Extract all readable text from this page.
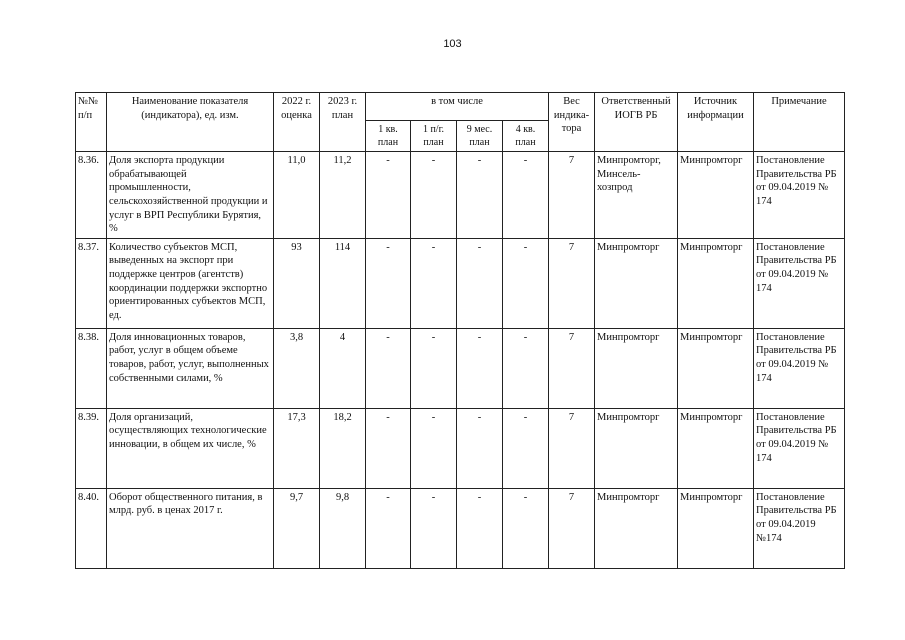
103
№№ п/п	Наименование показателя (индикатора), ед. изм.	2022 г. оценка	2023 г. план	в том числе				Вес индика-тора	Ответственный ИОГВ РБ	Источник информации	Примечание
				1 кв. план	1 п/г. план	9 мес. план	4 кв. план				
8.36.	Доля экспорта продукции обрабатывающей промышленности, сельскохозяйственной продукции и услуг в ВРП Республики Бурятия, %	11,0	11,2	-	-	-	-	7	Минпромторг, Минсель-хозпрод	Минпромторг	Постановление Правительства РБ от 09.04.2019 № 174
8.37.	Количество субъектов МСП, выведенных на экспорт при поддержке центров (агентств) координации поддержки экспортно ориентированных субъектов МСП, ед.	93	114	-	-	-	-	7	Минпромторг	Минпромторг	Постановление Правительства РБ от 09.04.2019 № 174
8.38.	Доля инновационных товаров, работ, услуг в общем объеме товаров, работ, услуг, выполненных собственными силами, %	3,8	4	-	-	-	-	7	Минпромторг	Минпромторг	Постановление Правительства РБ от 09.04.2019 № 174
8.39.	Доля организаций, осуществляющих технологические инновации, в общем их числе, %	17,3	18,2	-	-	-	-	7	Минпромторг	Минпромторг	Постановление Правительства РБ от 09.04.2019 № 174
8.40.	Оборот общественного питания, в млрд. руб. в ценах 2017 г.	9,7	9,8	-	-	-	-	7	Минпромторг	Минпромторг	Постановление Правительства РБ от 09.04.2019 №174
